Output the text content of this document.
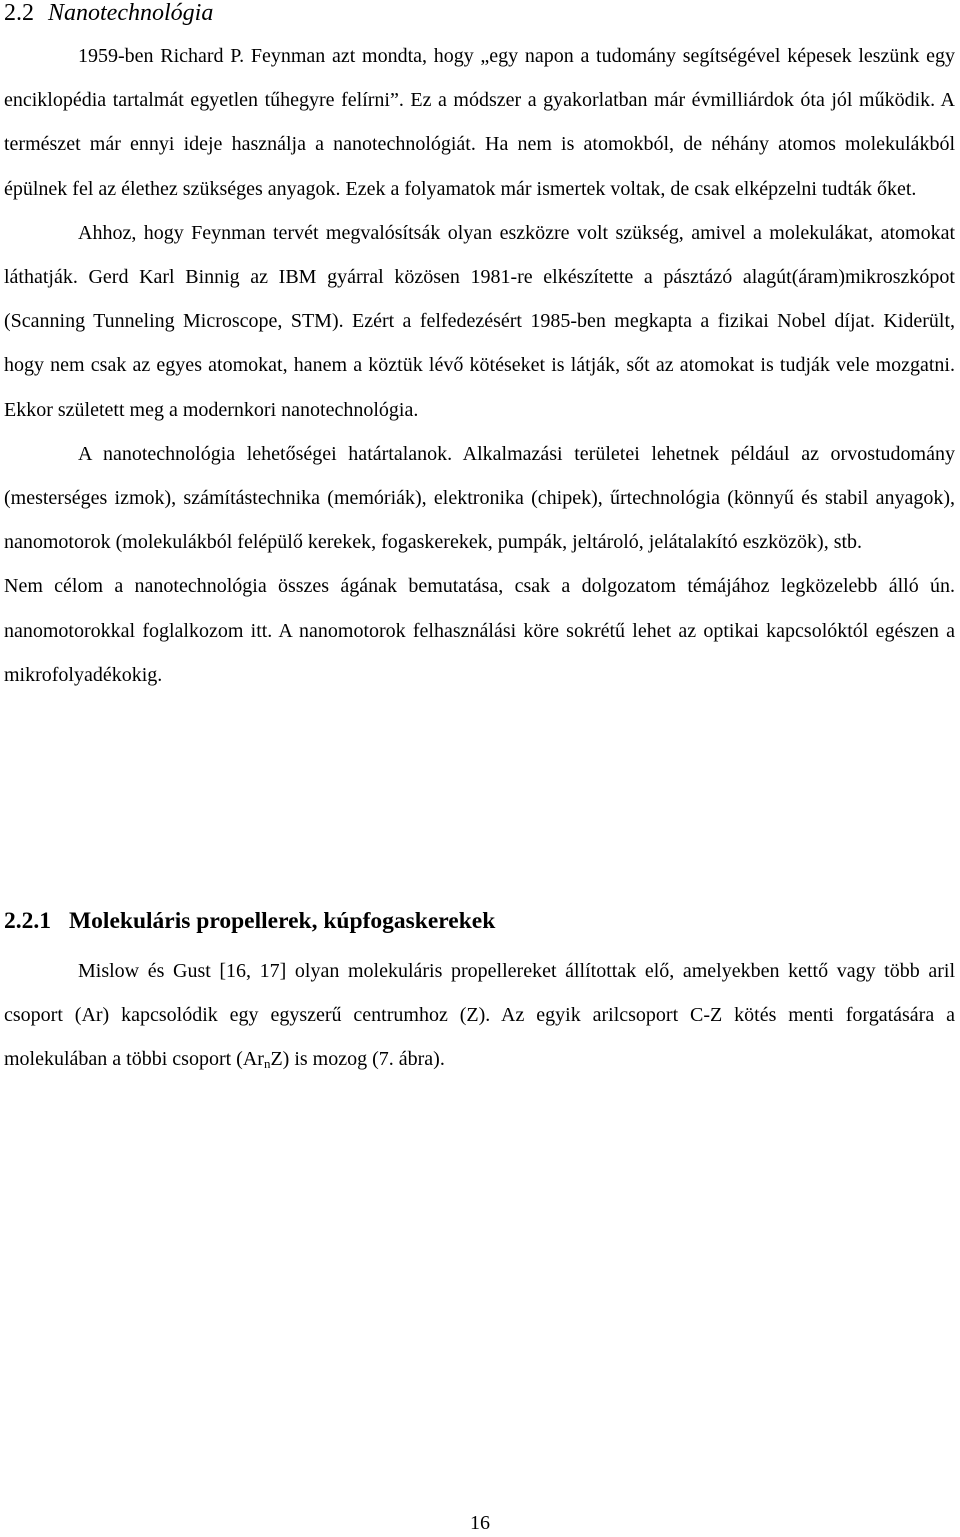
2.2 Nanotechnológia

1959-ben Richard P. Feynman azt mondta, hogy „egy napon a tudomány segítségével képesek leszünk egy enciklopédia tartalmát egyetlen tűhegyre felírni”. Ez a módszer a gyakorlatban már évmilliárdok óta jól működik. A természet már ennyi ideje használja a nanotechnológiát. Ha nem is atomokból, de néhány atomos molekulákból épülnek fel az élethez szükséges anyagok. Ezek a folyamatok már ismertek voltak, de csak elképzelni tudták őket.

Ahhoz, hogy Feynman tervét megvalósítsák olyan eszközre volt szükség, amivel a molekulákat, atomokat láthatják. Gerd Karl Binnig az IBM gyárral közösen 1981-re elkészítette a pásztázó alagút(áram)mikroszkópot (Scanning Tunneling Microscope, STM). Ezért a felfedezésért 1985-ben megkapta a fizikai Nobel díjat. Kiderült, hogy nem csak az egyes atomokat, hanem a köztük lévő kötéseket is látják, sőt az atomokat is tudják vele mozgatni. Ekkor született meg a modernkori nanotechnológia.

A nanotechnológia lehetőségei határtalanok. Alkalmazási területei lehetnek például az orvostudomány (mesterséges izmok), számítástechnika (memóriák), elektronika (chipek), űrtechnológia (könnyű és stabil anyagok), nanomotorok (molekulákból felépülő kerekek, fogaskerekek, pumpák, jeltároló, jelátalakító eszközök), stb.

Nem célom a nanotechnológia összes ágának bemutatása, csak a dolgozatom témájához legközelebb álló ún. nanomotorokkal foglalkozom itt. A nanomotorok felhasználási köre sokrétű lehet az optikai kapcsolóktól egészen a mikrofolyadékokig.

2.2.1 Molekuláris propellerek, kúpfogaskerekek

Mislow és Gust [16, 17] olyan molekuláris propellereket állítottak elő, amelyekben kettő vagy több aril csoport (Ar) kapcsolódik egy egyszerű centrumhoz (Z). Az egyik arilcsoport C-Z kötés menti forgatására a molekulában a többi csoport $(Ar_nZ)$ is mozog (7. ábra).

16
